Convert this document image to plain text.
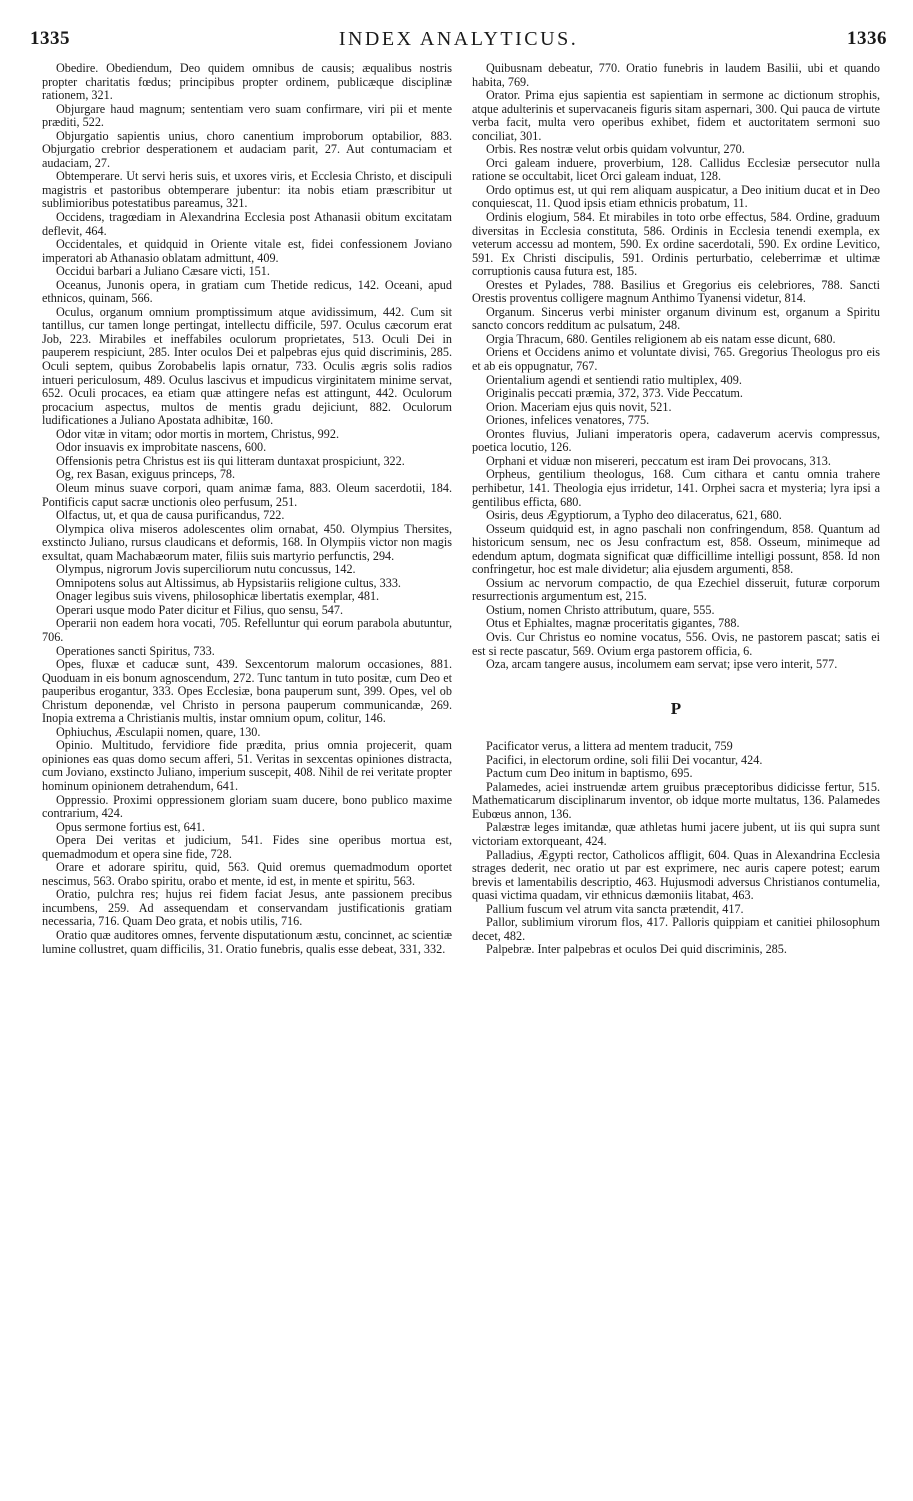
1335	INDEX ANALYTICUS.	1336

Obedire. Obediendum, Deo quidem omnibus de causis; æqualibus nostris propter charitatis fœdus; principibus propter ordinem, publicæque disciplinæ rationem, 321.

Objurgare haud magnum; sententiam vero suam confirmare, viri pii et mente præditi, 522.

Objurgatio sapientis unius, choro canentium improborum optabilior, 883. Objurgatio crebrior desperationem et audaciam parit, 27. Aut contumaciam et audaciam, 27.

Obtemperare. Ut servi heris suis, et uxores viris, et Ecclesia Christo, et discipuli magistris et pastoribus obtemperare jubentur: ita nobis etiam præscribitur ut sublimioribus potestatibus pareamus, 321.

Occidens, tragœdiam in Alexandrina Ecclesia post Athanasii obitum excitatam deflevit, 464.

Occidentales, et quidquid in Oriente vitale est, fidei confessionem Joviano imperatori ab Athanasio oblatam admittunt, 409.

Occidui barbari a Juliano Cæsare victi, 151.

Oceanus, Junonis opera, in gratiam cum Thetide redicus, 142. Oceani, apud ethnicos, quinam, 566.

Oculus, organum omnium promptissimum atque avidissimum, 442. Cum sit tantillus, cur tamen longe pertingat, intellectu difficile, 597. Oculus cæcorum erat Job, 223. Mirabiles et ineffabiles oculorum proprietates, 513. Oculi Dei in pauperem respiciunt, 285. Inter oculos Dei et palpebras ejus quid discriminis, 285. Oculi septem, quibus Zorobabelis lapis ornatur, 733. Oculis ægris solis radios intueri periculosum, 489. Oculus lascivus et impudicus virginitatem minime servat, 652. Oculi procaces, ea etiam quæ attingere nefas est attingunt, 442. Oculorum procacium aspectus, multos de mentis gradu dejiciunt, 882. Oculorum ludificationes a Juliano Apostata adhibitæ, 160.

Odor vitæ in vitam; odor mortis in mortem, Christus, 992.

Odor insuavis ex improbitate nascens, 600.

Offensionis petra Christus est iis qui litteram duntaxat prospiciunt, 322.

Og, rex Basan, exiguus princeps, 78.

Oleum minus suave corpori, quam animæ fama, 883. Oleum sacerdotii, 184. Pontificis caput sacræ unctionis oleo perfusum, 251.

Olfactus, ut, et qua de causa purificandus, 722.

Olympica oliva miseros adolescentes olim ornabat, 450. Olympius Thersites, exstincto Juliano, rursus claudicans et deformis, 168. In Olympiis victor non magis exsultat, quam Machabæorum mater, filiis suis martyrio perfunctis, 294.

Olympus, nigrorum Jovis superciliorum nutu concussus, 142.

Omnipotens solus aut Altissimus, ab Hypsistariis religione cultus, 333.

Onager legibus suis vivens, philosophicæ libertatis exemplar, 481.

Operari usque modo Pater dicitur et Filius, quo sensu, 547.

Operarii non eadem hora vocati, 705. Refelluntur qui eorum parabola abutuntur, 706.

Operationes sancti Spiritus, 733.

Opes, fluxæ et caducæ sunt, 439. Sexcentorum malorum occasiones, 881. Quoduam in eis bonum agnoscendum, 272. Tunc tantum in tuto positæ, cum Deo et pauperibus erogantur, 333. Opes Ecclesiæ, bona pauperum sunt, 399. Opes, vel ob Christum deponendæ, vel Christo in persona pauperum communicandæ, 269. Inopia extrema a Christianis multis, instar omnium opum, colitur, 146.

Ophiuchus, Æsculapii nomen, quare, 130.

Opinio. Multitudo, fervidiore fide prædita, prius omnia projecerit, quam opiniones eas quas domo secum afferi, 51. Veritas in sexcentas opiniones distracta, cum Joviano, exstincto Juliano, imperium suscepit, 408. Nihil de rei veritate propter hominum opinionem detrahendum, 641.

Oppressio. Proximi oppressionem gloriam suam ducere, bono publico maxime contrarium, 424.

Opus sermone fortius est, 641.

Opera Dei veritas et judicium, 541. Fides sine operibus mortua est, quemadmodum et opera sine fide, 728.

Orare et adorare spiritu, quid, 563. Quid oremus quemadmodum oportet nescimus, 563. Orabo spiritu, orabo et mente, id est, in mente et spiritu, 563.

Oratio, pulchra res; hujus rei fidem faciat Jesus, ante passionem precibus incumbens, 259. Ad assequendam et conservandam justificationis gratiam necessaria, 716. Quam Deo grata, et nobis utilis, 716.

Oratio quæ auditores omnes, fervente disputationum æstu, concinnet, ac scientiæ lumine collustret, quam difficilis, 31. Oratio funebris, qualis esse debeat, 331, 332.

Quibusnam debeatur, 770. Oratio funebris in laudem Basilii, ubi et quando habita, 769.

Orator. Prima ejus sapientia est sapientiam in sermone ac dictionum strophis, atque adulterinis et supervacaneis figuris sitam aspernari, 300. Qui pauca de virtute verba facit, multa vero operibus exhibet, fidem et auctoritatem sermoni suo conciliat, 301.

Orbis. Res nostræ velut orbis quidam volvuntur, 270.

Orci galeam induere, proverbium, 128. Callidus Ecclesiæ persecutor nulla ratione se occultabit, licet Orci galeam induat, 128.

Ordo optimus est, ut qui rem aliquam auspicatur, a Deo initium ducat et in Deo conquiescat, 11. Quod ipsis etiam ethnicis probatum, 11.

Ordinis elogium, 584. Et mirabiles in toto orbe effectus, 584. Ordine, graduum diversitas in Ecclesia constituta, 586. Ordinis in Ecclesia tenendi exempla, ex veterum accessu ad montem, 590. Ex ordine sacerdotali, 590. Ex ordine Levitico, 591. Ex Christi discipulis, 591. Ordinis perturbatio, celeberrimæ et ultimæ corruptionis causa futura est, 185.

Orestes et Pylades, 788. Basilius et Gregorius eis celebriores, 788. Sancti Orestis proventus colligere magnum Anthimo Tyanensi videtur, 814.

Organum. Sincerus verbi minister organum divinum est, organum a Spiritu sancto concors redditum ac pulsatum, 248.

Orgia Thracum, 680. Gentiles religionem ab eis natam esse dicunt, 680.

Oriens et Occidens animo et voluntate divisi, 765. Gregorius Theologus pro eis et ab eis oppugnatur, 767.

Orientalium agendi et sentiendi ratio multiplex, 409.

Originalis peccati præmia, 372, 373. Vide Peccatum.

Orion. Maceriam ejus quis novit, 521.

Oriones, infelices venatores, 775.

Orontes fluvius, Juliani imperatoris opera, cadaverum acervis compressus, poetica locutio, 126.

Orphani et viduæ non misereri, peccatum est iram Dei provocans, 313.

Orpheus, gentilium theologus, 168. Cum cithara et cantu omnia trahere perhibetur, 141. Theologia ejus irridetur, 141. Orphei sacra et mysteria; lyra ipsi a gentilibus efficta, 680.

Osiris, deus Ægyptiorum, a Typho deo dilaceratus, 621, 680.

Osseum quidquid est, in agno paschali non confringendum, 858. Quantum ad historicum sensum, nec os Jesu confractum est, 858. Osseum, minimeque ad edendum aptum, dogmata significat quæ difficillime intelligi possunt, 858. Id non confringetur, hoc est male dividetur; alia ejusdem argumenti, 858.

Ossium ac nervorum compactio, de qua Ezechiel disseruit, futuræ corporum resurrectionis argumentum est, 215.

Ostium, nomen Christo attributum, quare, 555.

Otus et Ephialtes, magnæ proceritatis gigantes, 788.

Ovis. Cur Christus eo nomine vocatus, 556. Ovis, ne pastorem pascat; satis ei est si recte pascatur, 569. Ovium erga pastorem officia, 6.

Oza, arcam tangere ausus, incolumem eam servat; ipse vero interit, 577.

P

Pacificator verus, a littera ad mentem traducit, 759

Pacifici, in electorum ordine, soli filii Dei vocantur, 424.

Pactum cum Deo initum in baptismo, 695.

Palamedes, aciei instruendæ artem gruibus præceptoribus didicisse fertur, 515. Mathematicarum disciplinarum inventor, ob idque morte multatus, 136. Palamedes Eubœus annon, 136.

Palæstræ leges imitandæ, quæ athletas humi jacere jubent, ut iis qui supra sunt victoriam extorqueant, 424.

Palladius, Ægypti rector, Catholicos affligit, 604. Quas in Alexandrina Ecclesia strages dederit, nec oratio ut par est exprimere, nec auris capere potest; earum brevis et lamentabilis descriptio, 463. Hujusmodi adversus Christianos contumelia, quasi victima quadam, vir ethnicus dæmoniis litabat, 463.

Pallium fuscum vel atrum vita sancta prætendit, 417.

Pallor, sublimium virorum flos, 417. Palloris quippiam et canitiei philosophum decet, 482.

Palpebræ. Inter palpebras et oculos Dei quid discriminis, 285.
